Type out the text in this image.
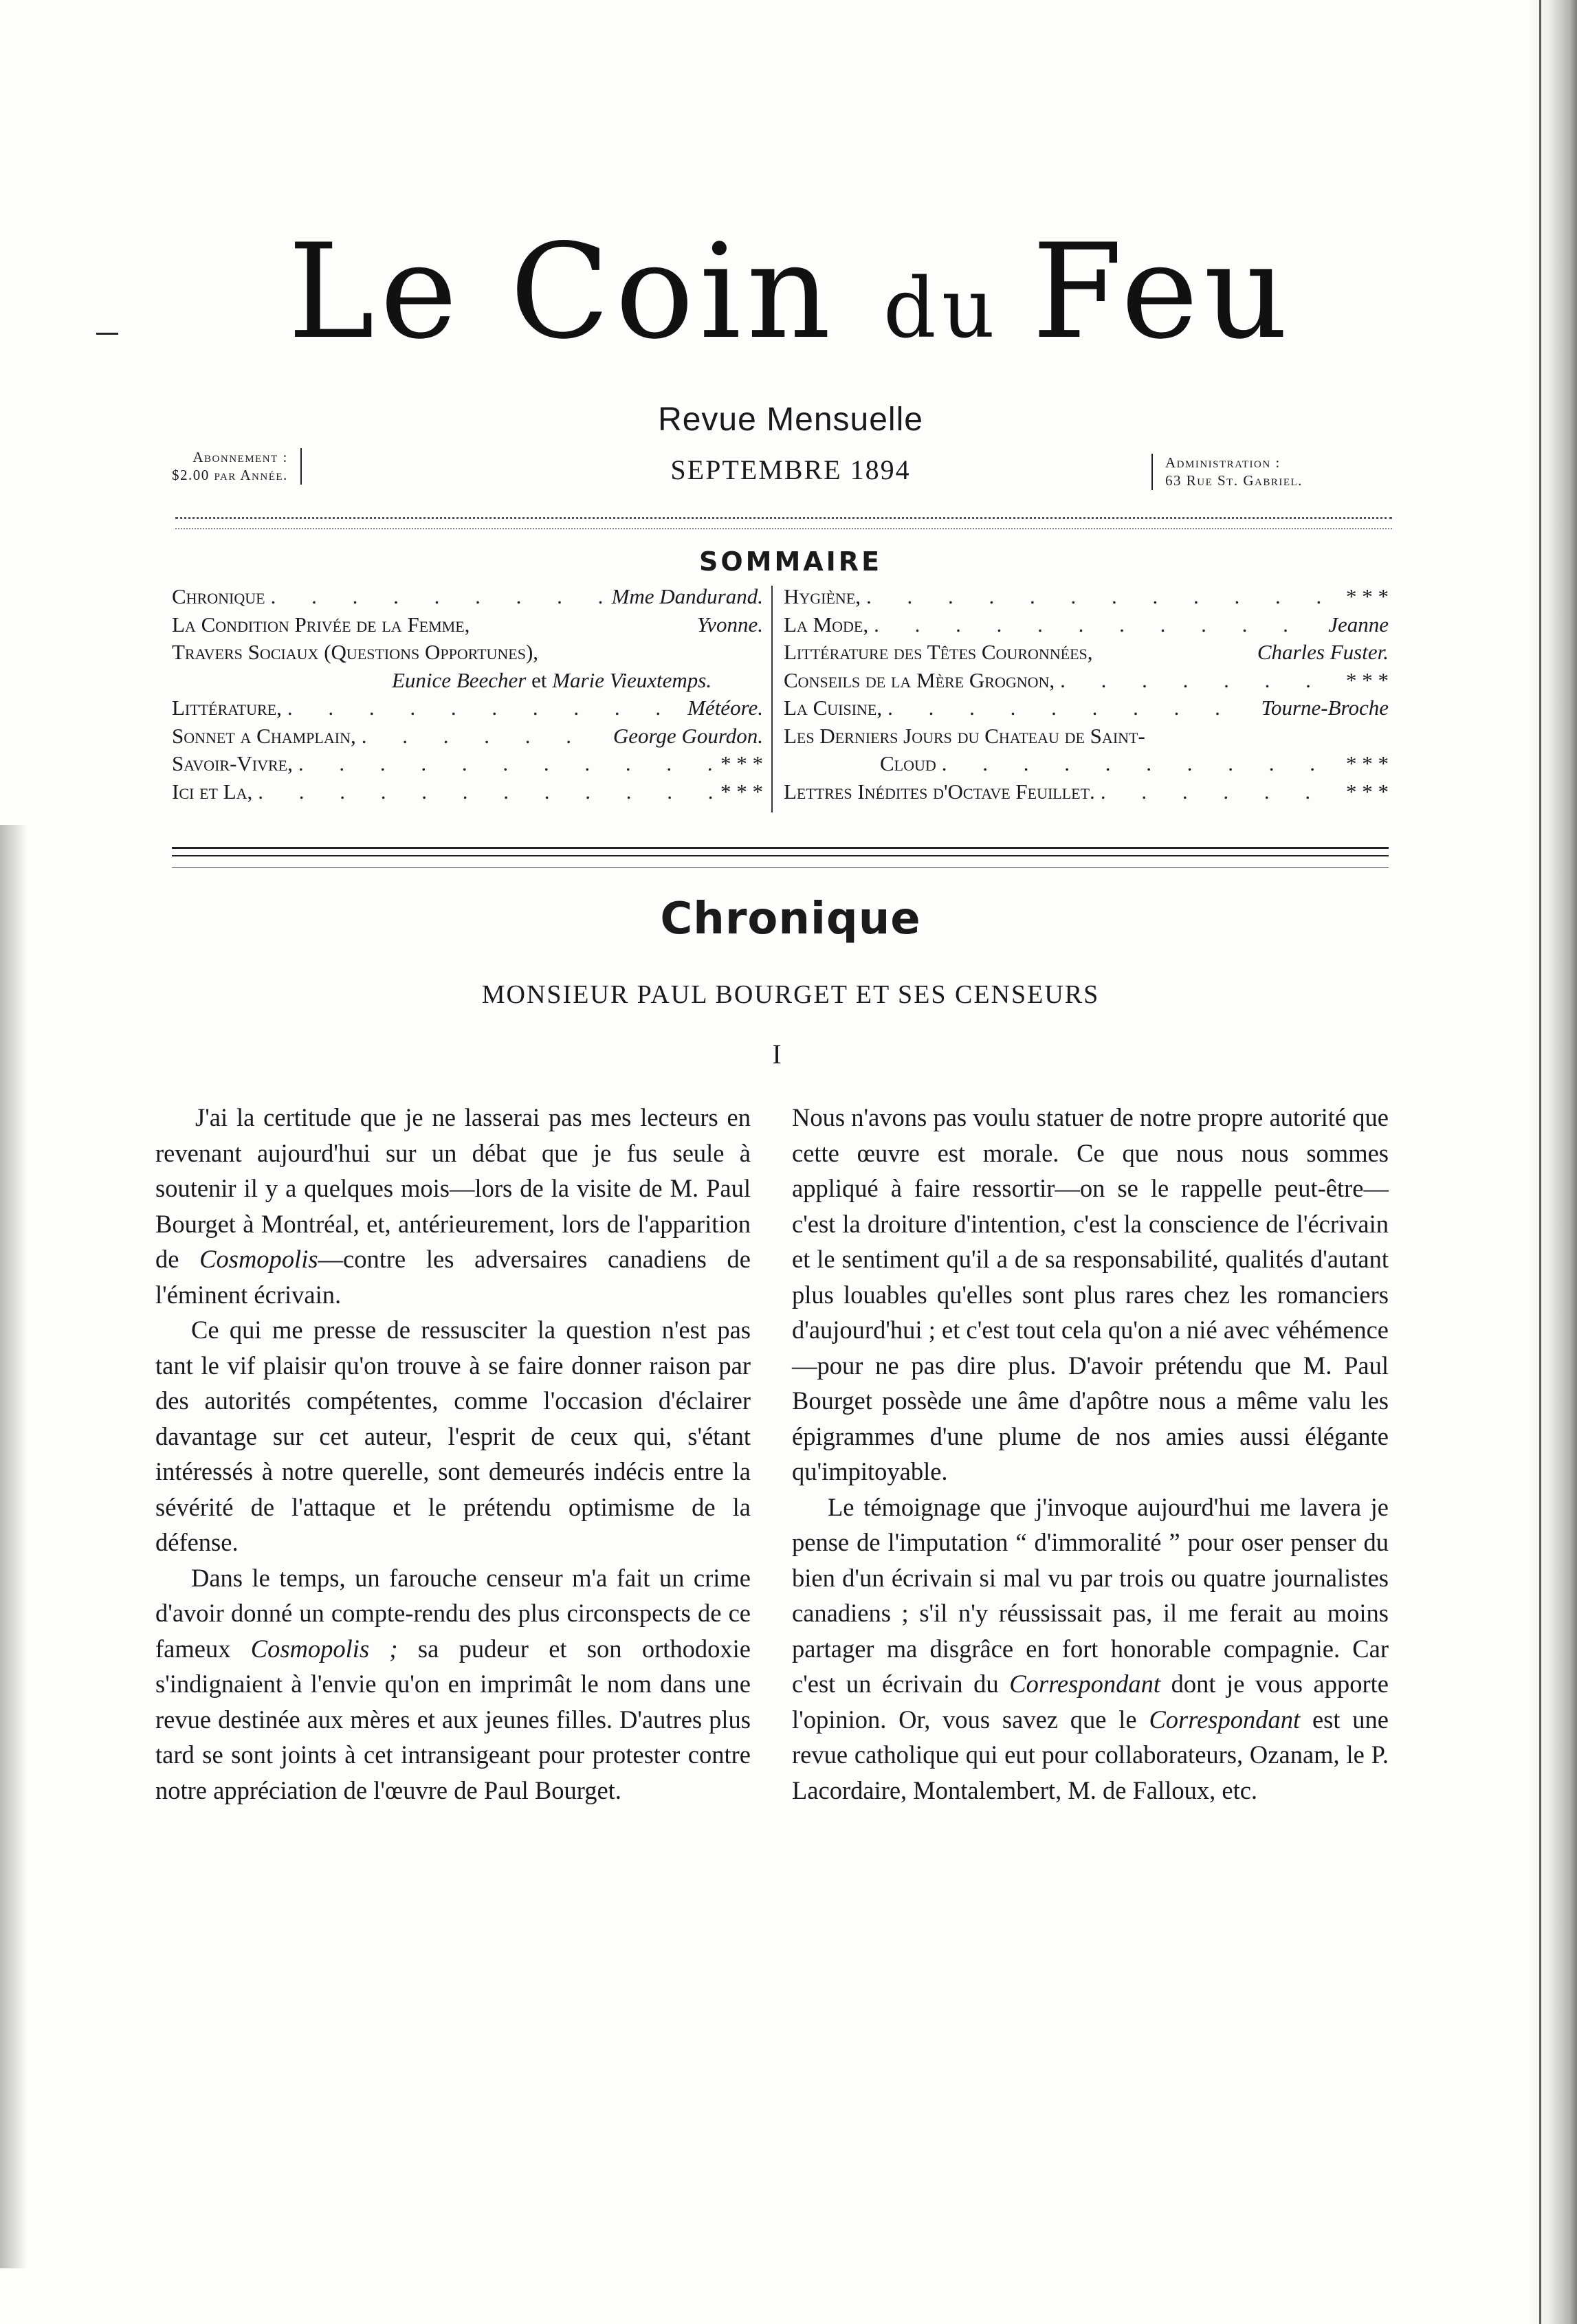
Le Coin du Feu
Revue Mensuelle
SEPTEMBRE 1894
Abonnement :
$2.00 par Année.
Administration :
63 Rue St. Gabriel.
SOMMAIRE
Chronique . . .	Mme Dandurand.
La Condition Privée de la Femme,	Yvonne.
Travers Sociaux (Questions Opportunes),
Eunice Beecher et Marie Vieuxtemps.
Littérature, . . .	Météore.
Sonnet a Champlain, . . .	George Gourdon.
Savoir-Vivre, . . .	* * *
Ici et La, . . .	* * *
Hygiène, . . .	* * *
La Mode, . . .	Jeanne
Littérature des Têtes Couronnées,	Charles Fuster.
Conseils de la Mère Grognon, . . .	* * *
La Cuisine, . . .	Tourne-Broche
Les Derniers Jours du Chateau de Saint-
Cloud . . .	* * *
Lettres Inédites d'Octave Feuillet. . . .	* * *
Chronique
MONSIEUR PAUL BOURGET ET SES CENSEURS
I

J'ai la certitude que je ne lasserai pas mes lecteurs en revenant aujourd'hui sur un débat que je fus seule à soutenir il y a quelques mois—lors de la visite de M. Paul Bourget à Montréal, et, antérieurement, lors de l'apparition de Cosmopolis—contre les adversaires canadiens de l'éminent écrivain.

Ce qui me presse de ressusciter la question n'est pas tant le vif plaisir qu'on trouve à se faire donner raison par des autorités compétentes, comme l'occasion d'éclairer davantage sur cet auteur, l'esprit de ceux qui, s'étant intéressés à notre querelle, sont demeurés indécis entre la sévérité de l'attaque et le prétendu optimisme de la défense.

Dans le temps, un farouche censeur m'a fait un crime d'avoir donné un compte-rendu des plus circonspects de ce fameux Cosmopolis ; sa pudeur et son orthodoxie s'indignaient à l'envie qu'on en imprimât le nom dans une revue destinée aux mères et aux jeunes filles. D'autres plus tard se sont joints à cet intransigeant pour protester contre notre appréciation de l'œuvre de Paul Bourget.

Nous n'avons pas voulu statuer de notre propre autorité que cette œuvre est morale. Ce que nous nous sommes appliqué à faire ressortir—on se le rappelle peut-être—c'est la droiture d'intention, c'est la conscience de l'écrivain et le sentiment qu'il a de sa responsabilité, qualités d'autant plus louables qu'elles sont plus rares chez les romanciers d'aujourd'hui ; et c'est tout cela qu'on a nié avec véhémence—pour ne pas dire plus. D'avoir prétendu que M. Paul Bourget possède une âme d'apôtre nous a même valu les épigrammes d'une plume de nos amies aussi élégante qu'impitoyable.

Le témoignage que j'invoque aujourd'hui me lavera je pense de l'imputation “ d'immoralité ” pour oser penser du bien d'un écrivain si mal vu par trois ou quatre journalistes canadiens ; s'il n'y réussissait pas, il me ferait au moins partager ma disgrâce en fort honorable compagnie. Car c'est un écrivain du Correspondant dont je vous apporte l'opinion. Or, vous savez que le Correspondant est une revue catholique qui eut pour collaborateurs, Ozanam, le P. Lacordaire, Montalembert, M. de Falloux, etc.
